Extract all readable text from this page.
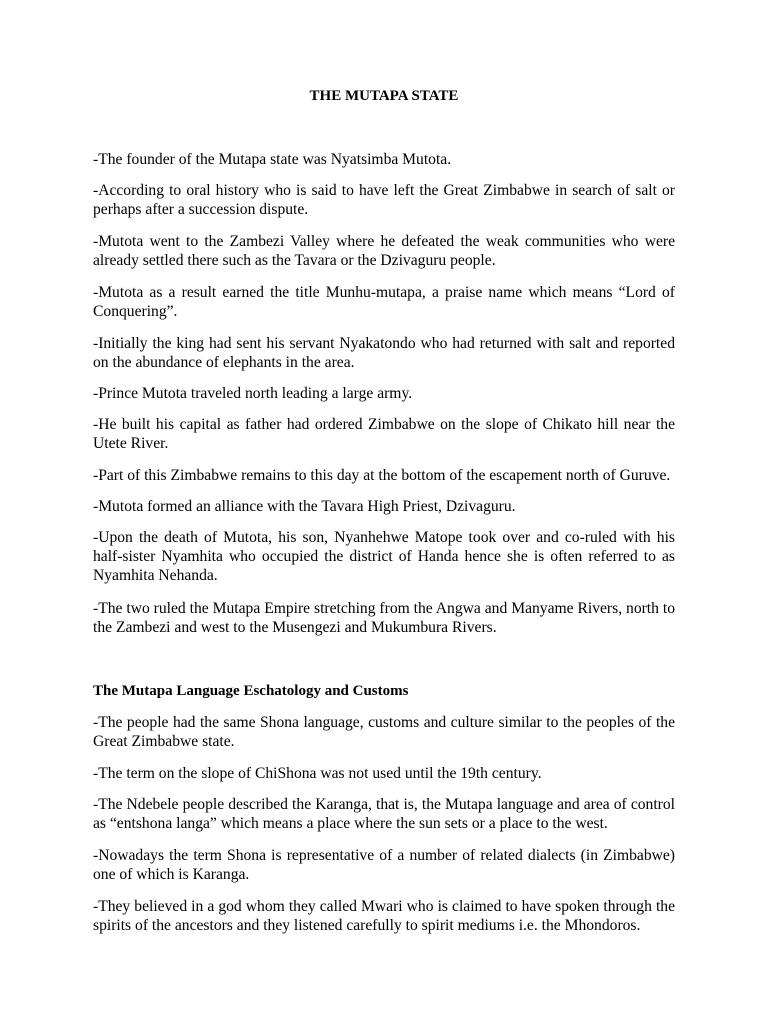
THE MUTAPA STATE

-The founder of the Mutapa state was Nyatsimba Mutota.

-According to oral history who is said to have left the Great Zimbabwe in search of salt or perhaps after a succession dispute.

-Mutota went to the Zambezi Valley where he defeated the weak communities who were already settled there such as the Tavara or the Dzivaguru people.

-Mutota as a result earned the title Munhu-mutapa, a praise name which means “Lord of Conquering”.

-Initially the king had sent his servant Nyakatondo who had returned with salt and reported on the abundance of elephants in the area.

-Prince Mutota traveled north leading a large army.

-He built his capital as father had ordered Zimbabwe on the slope of Chikato hill near the Utete River.

-Part of this Zimbabwe remains to this day at the bottom of the escapement north of Guruve.

-Mutota formed an alliance with the Tavara High Priest, Dzivaguru.

-Upon the death of Mutota, his son, Nyanhehwe Matope took over and co-ruled with his half-sister Nyamhita who occupied the district of Handa hence she is often referred to as Nyamhita Nehanda.

-The two ruled the Mutapa Empire stretching from the Angwa and Manyame Rivers, north to the Zambezi and west to the Musengezi and Mukumbura Rivers.

The Mutapa Language Eschatology and Customs

-The people had the same Shona language, customs and culture similar to the peoples of the Great Zimbabwe state.

-The term on the slope of ChiShona was not used until the 19th century.

-The Ndebele people described the Karanga, that is, the Mutapa language and area of control as “entshona langa” which means a place where the sun sets or a place to the west.

-Nowadays the term Shona is representative of a number of related dialects (in Zimbabwe) one of which is Karanga.

-They believed in a god whom they called Mwari who is claimed to have spoken through the spirits of the ancestors and they listened carefully to spirit mediums i.e. the Mhondoros.
